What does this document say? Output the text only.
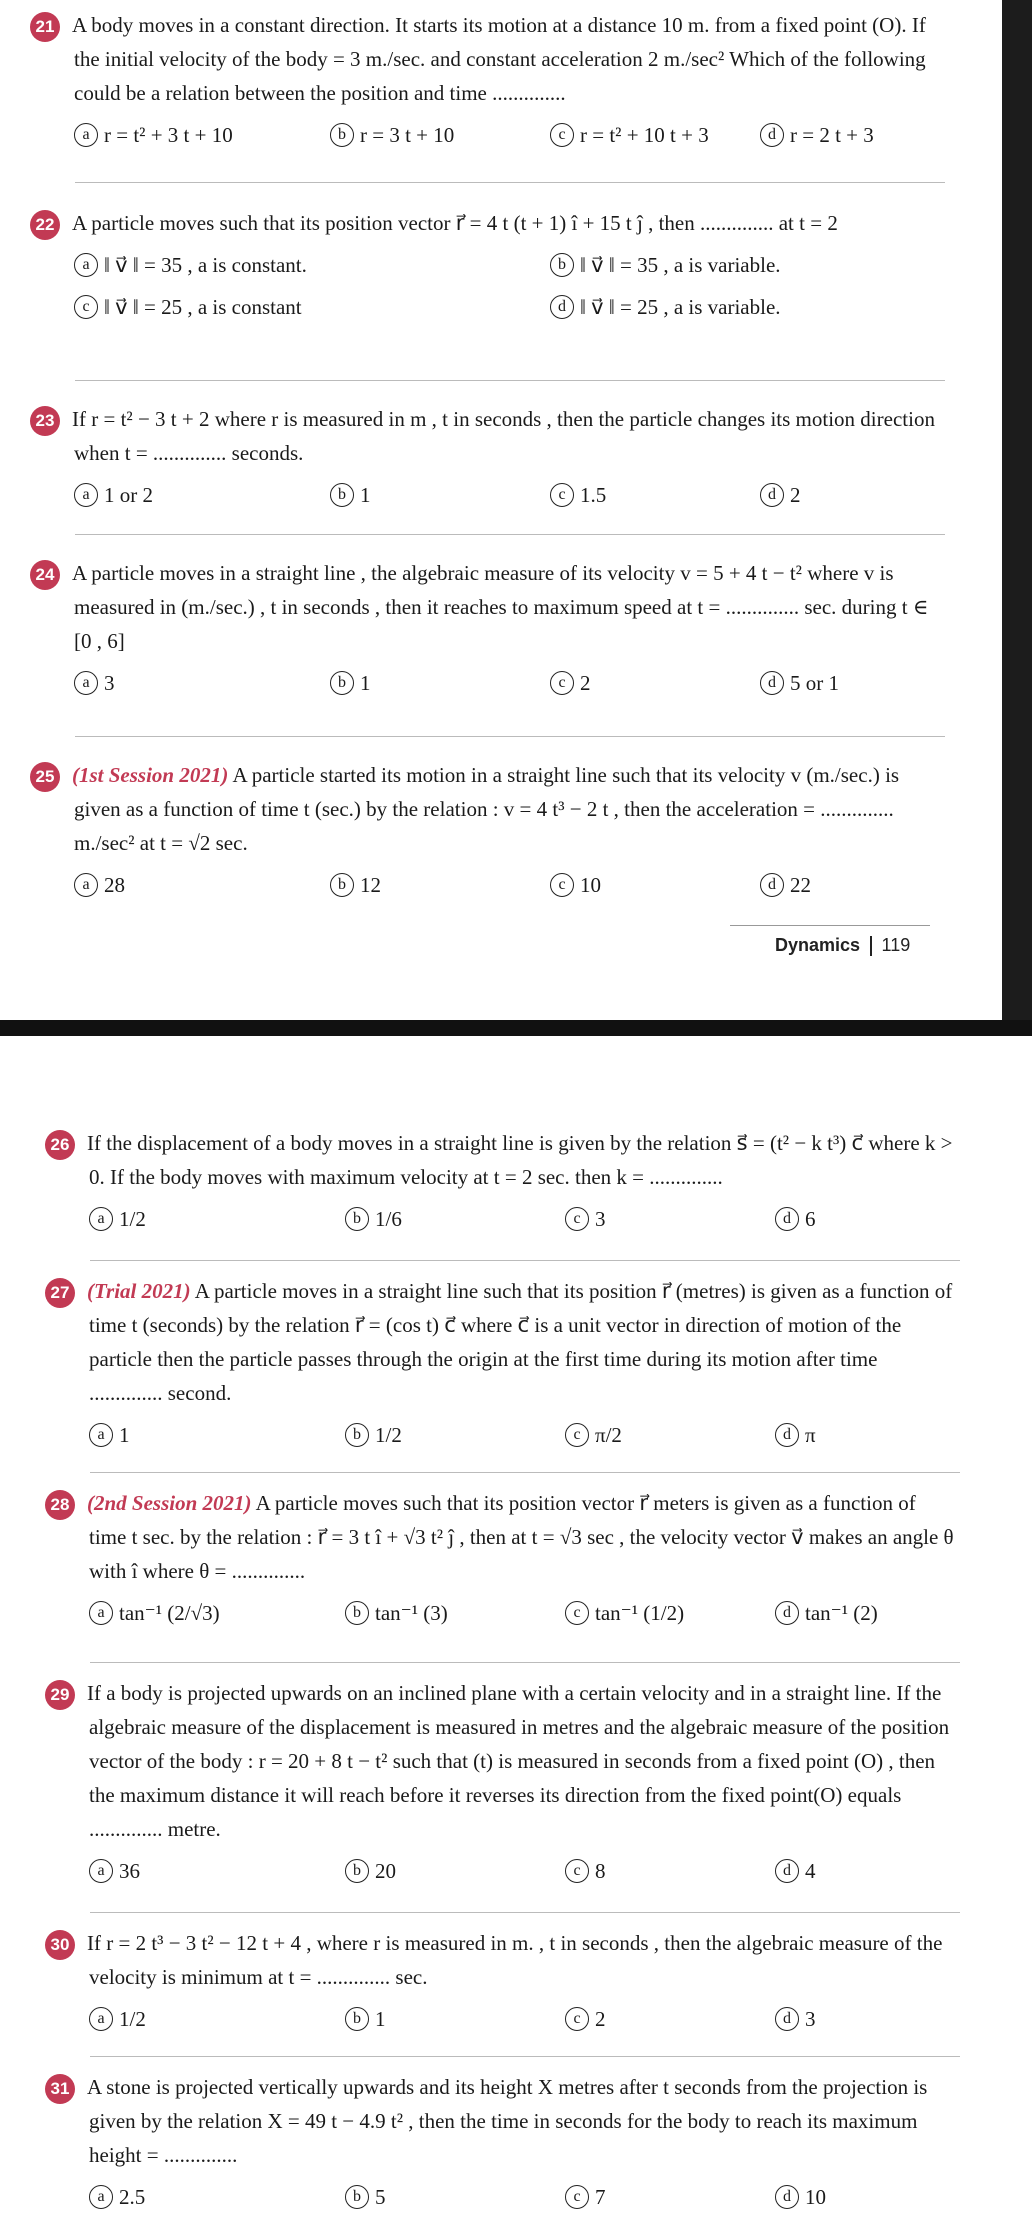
21 A body moves in a constant direction. It starts its motion at a distance 10 m. from a fixed point (O). If the initial velocity of the body = 3 m./sec. and constant acceleration 2 m./sec² Which of the following could be a relation between the position and time ..............

a r = t² + 3 t + 10	b r = 3 t + 10	c r = t² + 10 t + 3	d r = 2 t + 3

22 A particle moves such that its position vector r⃗ = 4 t (t + 1) î + 15 t ĵ , then .............. at t = 2

a ‖ v⃗ ‖ = 35 , a is constant.	b ‖ v⃗ ‖ = 35 , a is variable.
c ‖ v⃗ ‖ = 25 , a is constant	d ‖ v⃗ ‖ = 25 , a is variable.

23 If r = t² − 3 t + 2 where r is measured in m , t in seconds , then the particle changes its motion direction when t = .............. seconds.

a 1 or 2	b 1	c 1.5	d 2

24 A particle moves in a straight line , the algebraic measure of its velocity v = 5 + 4 t − t² where v is measured in (m./sec.) , t in seconds , then it reaches to maximum speed at t = .............. sec. during t ∈ [0 , 6]

a 3	b 1	c 2	d 5 or 1

25 (1st Session 2021) A particle started its motion in a straight line such that its velocity v (m./sec.) is given as a function of time t (sec.) by the relation : v = 4 t³ − 2 t , then the acceleration = .............. m./sec² at t = √2 sec.

a 28	b 12	c 10	d 22
Dynamics 119

26 If the displacement of a body moves in a straight line is given by the relation s⃗ = (t² − k t³) c⃗ where k > 0. If the body moves with maximum velocity at t = 2 sec. then k = ..............

a 1/2	b 1/6	c 3	d 6

27 (Trial 2021) A particle moves in a straight line such that its position r⃗ (metres) is given as a function of time t (seconds) by the relation r⃗ = (cos t) c⃗ where c⃗ is a unit vector in direction of motion of the particle then the particle passes through the origin at the first time during its motion after time .............. second.

a 1	b 1/2	c π/2	d π

28 (2nd Session 2021) A particle moves such that its position vector r⃗ meters is given as a function of time t sec. by the relation : r⃗ = 3 t î + √3 t² ĵ , then at t = √3 sec , the velocity vector v⃗ makes an angle θ with î where θ = ..............

a tan⁻¹ (2/√3)	b tan⁻¹ (3)	c tan⁻¹ (1/2)	d tan⁻¹ (2)

29 If a body is projected upwards on an inclined plane with a certain velocity and in a straight line. If the algebraic measure of the displacement is measured in metres and the algebraic measure of the position vector of the body : r = 20 + 8 t − t² such that (t) is measured in seconds from a fixed point (O) , then the maximum distance it will reach before it reverses its direction from the fixed point(O) equals .............. metre.

a 36	b 20	c 8	d 4

30 If r = 2 t³ − 3 t² − 12 t + 4 , where r is measured in m. , t in seconds , then the algebraic measure of the velocity is minimum at t = .............. sec.

a 1/2	b 1	c 2	d 3

31 A stone is projected vertically upwards and its height X metres after t seconds from the projection is given by the relation X = 49 t − 4.9 t² , then the time in seconds for the body to reach its maximum height = ..............

a 2.5	b 5	c 7	d 10
